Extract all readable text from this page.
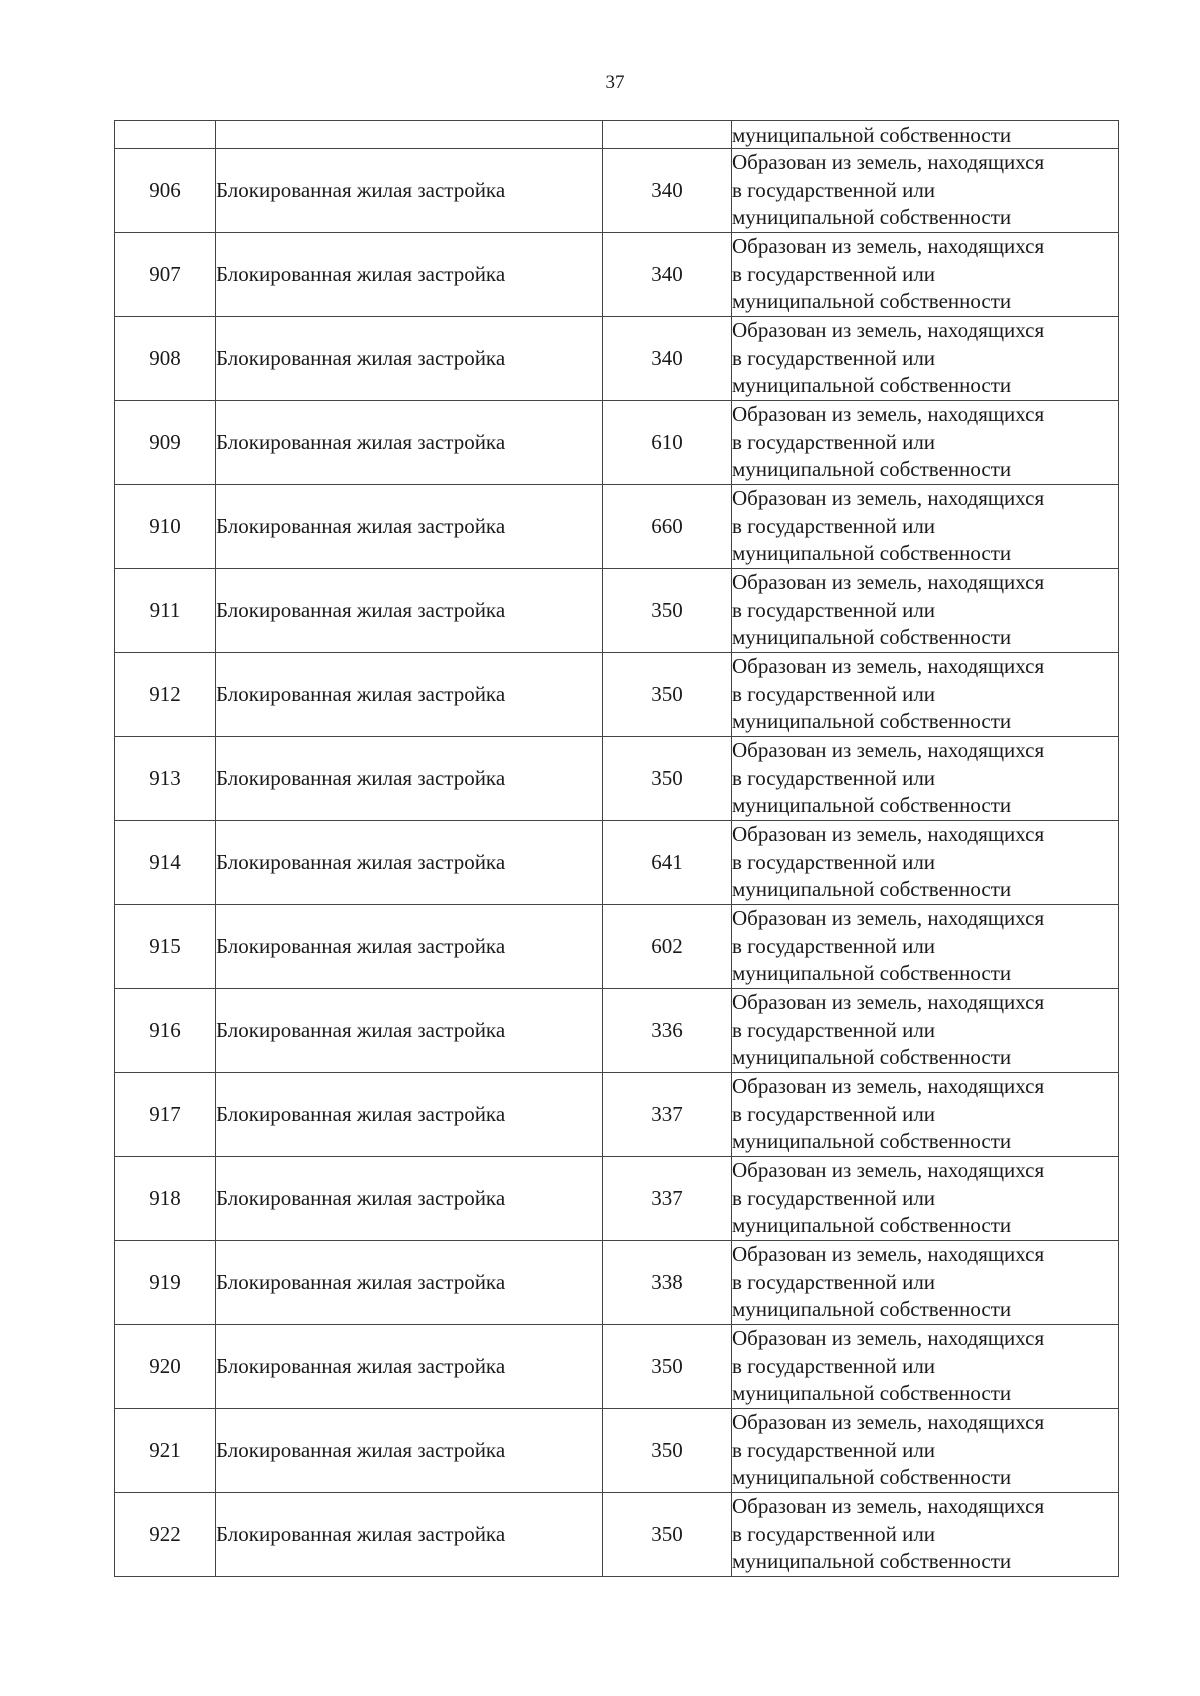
37
			муниципальной собственности
906	Блокированная жилая застройка	340	Образован из земель, находящихся
в государственной или
муниципальной собственности

907	Блокированная жилая застройка	340	Образован из земель, находящихся
в государственной или
муниципальной собственности

908	Блокированная жилая застройка	340	Образован из земель, находящихся
в государственной или
муниципальной собственности

909	Блокированная жилая застройка	610	Образован из земель, находящихся
в государственной или
муниципальной собственности

910	Блокированная жилая застройка	660	Образован из земель, находящихся
в государственной или
муниципальной собственности

911	Блокированная жилая застройка	350	Образован из земель, находящихся
в государственной или
муниципальной собственности

912	Блокированная жилая застройка	350	Образован из земель, находящихся
в государственной или
муниципальной собственности

913	Блокированная жилая застройка	350	Образован из земель, находящихся
в государственной или
муниципальной собственности

914	Блокированная жилая застройка	641	Образован из земель, находящихся
в государственной или
муниципальной собственности

915	Блокированная жилая застройка	602	Образован из земель, находящихся
в государственной или
муниципальной собственности

916	Блокированная жилая застройка	336	Образован из земель, находящихся
в государственной или
муниципальной собственности

917	Блокированная жилая застройка	337	Образован из земель, находящихся
в государственной или
муниципальной собственности

918	Блокированная жилая застройка	337	Образован из земель, находящихся
в государственной или
муниципальной собственности

919	Блокированная жилая застройка	338	Образован из земель, находящихся
в государственной или
муниципальной собственности

920	Блокированная жилая застройка	350	Образован из земель, находящихся
в государственной или
муниципальной собственности

921	Блокированная жилая застройка	350	Образован из земель, находящихся
в государственной или
муниципальной собственности

922	Блокированная жилая застройка	350	Образован из земель, находящихся
в государственной или
муниципальной собственности
